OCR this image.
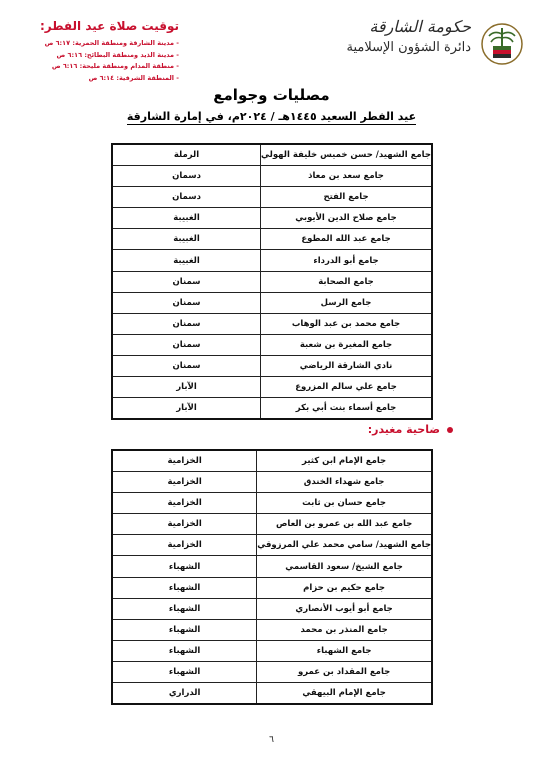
حكومة الشارقة
دائرة الشؤون الإسلامية
توقيت صلاة عيد الفطر:
- مدينة الشارقة ومنطقة الحمرية: ٦:١٧ ص
- مدينة الذيد ومنطقة البطائح: ٦:١٦ ص
- منطقة المدام ومنطقة مليحة: ٦:١٦ ص
- المنطقة الشرقية: ٦:١٤ ص
مصليات وجوامع
عيد الفطر السعيد ١٤٤٥هـ / ٢٠٢٤م، في إمارة الشارقة
جامع الشهيد/ حسن خميس خليفة الهولي	الرملة
جامع سعد بن معاذ	دسمان
جامع الفتح	دسمان
جامع صلاح الدين الأيوبي	الغبيبة
جامع عبد الله المطوع	الغبيبة
جامع أبو الدرداء	الغبيبة
جامع الصحابة	سمنان
جامع الرسل	سمنان
جامع محمد بن عبد الوهاب	سمنان
جامع المغيرة بن شعبة	سمنان
نادي الشارقة الرياضي	سمنان
جامع علي سالم المزروع	الآبار
جامع أسماء بنت أبي بكر	الآبار
ضاحية مغيدر:
جامع الإمام ابن كثير	الخزامية
جامع شهداء الخندق	الخزامية
جامع حسان بن ثابت	الخزامية
جامع عبد الله بن عمرو بن العاص	الخزامية
جامع الشهيد/ سامي محمد علي المرزوقي	الخزامية
جامع الشيخ/ سعود القاسمي	الشهباء
جامع حكيم بن حزام	الشهباء
جامع أبو أيوب الأنصاري	الشهباء
جامع المنذر بن محمد	الشهباء
جامع الشهباء	الشهباء
جامع المقداد بن عمرو	الشهباء
جامع الإمام البيهقي	الدراري
٦
